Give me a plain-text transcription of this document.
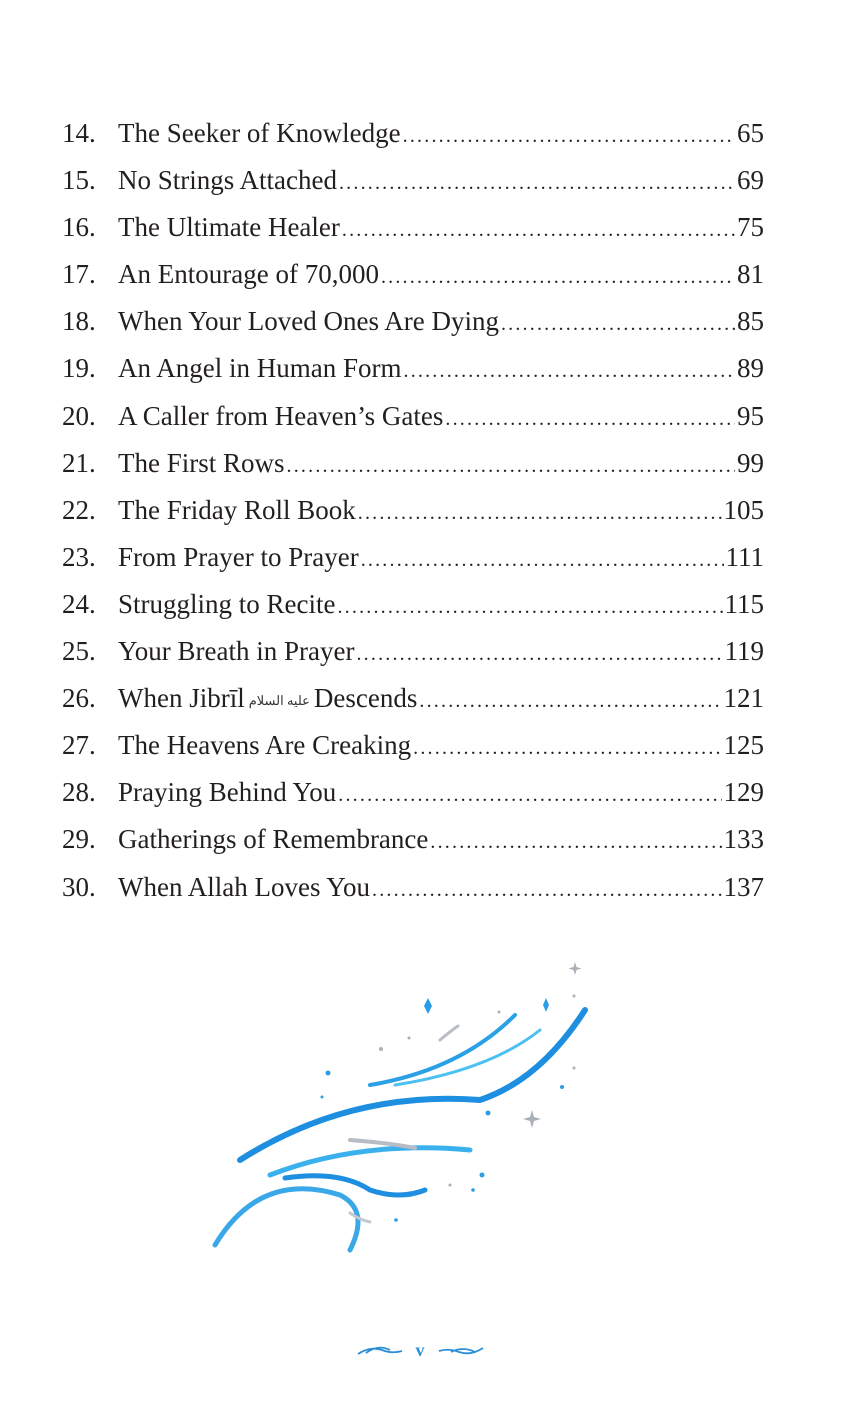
14. The Seeker of Knowledge .....	65
15. No Strings Attached .....	69
16. The Ultimate Healer .....	75
17. An Entourage of 70,000 .....	81
18. When Your Loved Ones Are Dying .....	85
19. An Angel in Human Form .....	89
20. A Caller from Heaven’s Gates .....	95
21. The First Rows .....	99
22. The Friday Roll Book .....	105
23. From Prayer to Prayer .....	111
24. Struggling to Recite .....	115
25. Your Breath in Prayer .....	119
26. When Jibrīl عليه السلام Descends .....	121
27. The Heavens Are Creaking .....	125
28. Praying Behind You .....	129
29. Gatherings of Remembrance .....	133
30. When Allah Loves You .....	137
v
